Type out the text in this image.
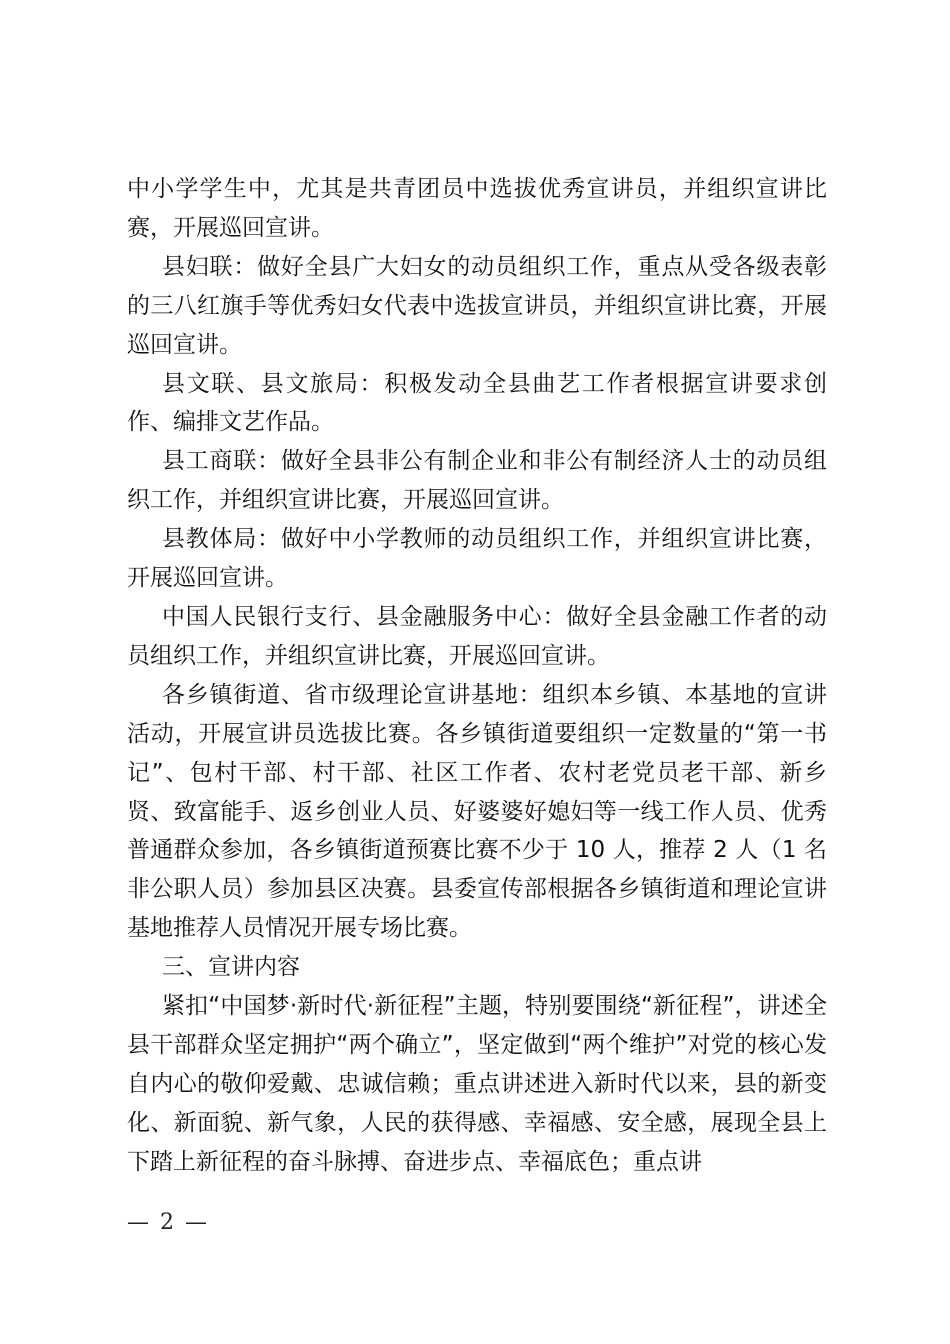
中小学学生中，尤其是共青团员中选拔优秀宣讲员，并组织宣讲比赛，开展巡回宣讲。

县妇联：做好全县广大妇女的动员组织工作，重点从受各级表彰的三八红旗手等优秀妇女代表中选拔宣讲员，并组织宣讲比赛，开展巡回宣讲。

县文联、县文旅局：积极发动全县曲艺工作者根据宣讲要求创作、编排文艺作品。

县工商联：做好全县非公有制企业和非公有制经济人士的动员组织工作，并组织宣讲比赛，开展巡回宣讲。

县教体局：做好中小学教师的动员组织工作，并组织宣讲比赛，开展巡回宣讲。

中国人民银行支行、县金融服务中心：做好全县金融工作者的动员组织工作，并组织宣讲比赛，开展巡回宣讲。

各乡镇街道、省市级理论宣讲基地：组织本乡镇、本基地的宣讲活动，开展宣讲员选拔比赛。各乡镇街道要组织一定数量的“第一书记”、包村干部、村干部、社区工作者、农村老党员老干部、新乡贤、致富能手、返乡创业人员、好婆婆好媳妇等一线工作人员、优秀普通群众参加，各乡镇街道预赛比赛不少于 10 人，推荐 2 人（1 名非公职人员）参加县区决赛。县委宣传部根据各乡镇街道和理论宣讲基地推荐人员情况开展专场比赛。

三、宣讲内容

紧扣“中国梦·新时代·新征程”主题，特别要围绕“新征程”，讲述全县干部群众坚定拥护“两个确立”，坚定做到“两个维护”对党的核心发自内心的敬仰爱戴、忠诚信赖；重点讲述进入新时代以来，县的新变化、新面貌、新气象，人民的获得感、幸福感、安全感，展现全县上下踏上新征程的奋斗脉搏、奋进步点、幸福底色；重点讲

— 2 —
